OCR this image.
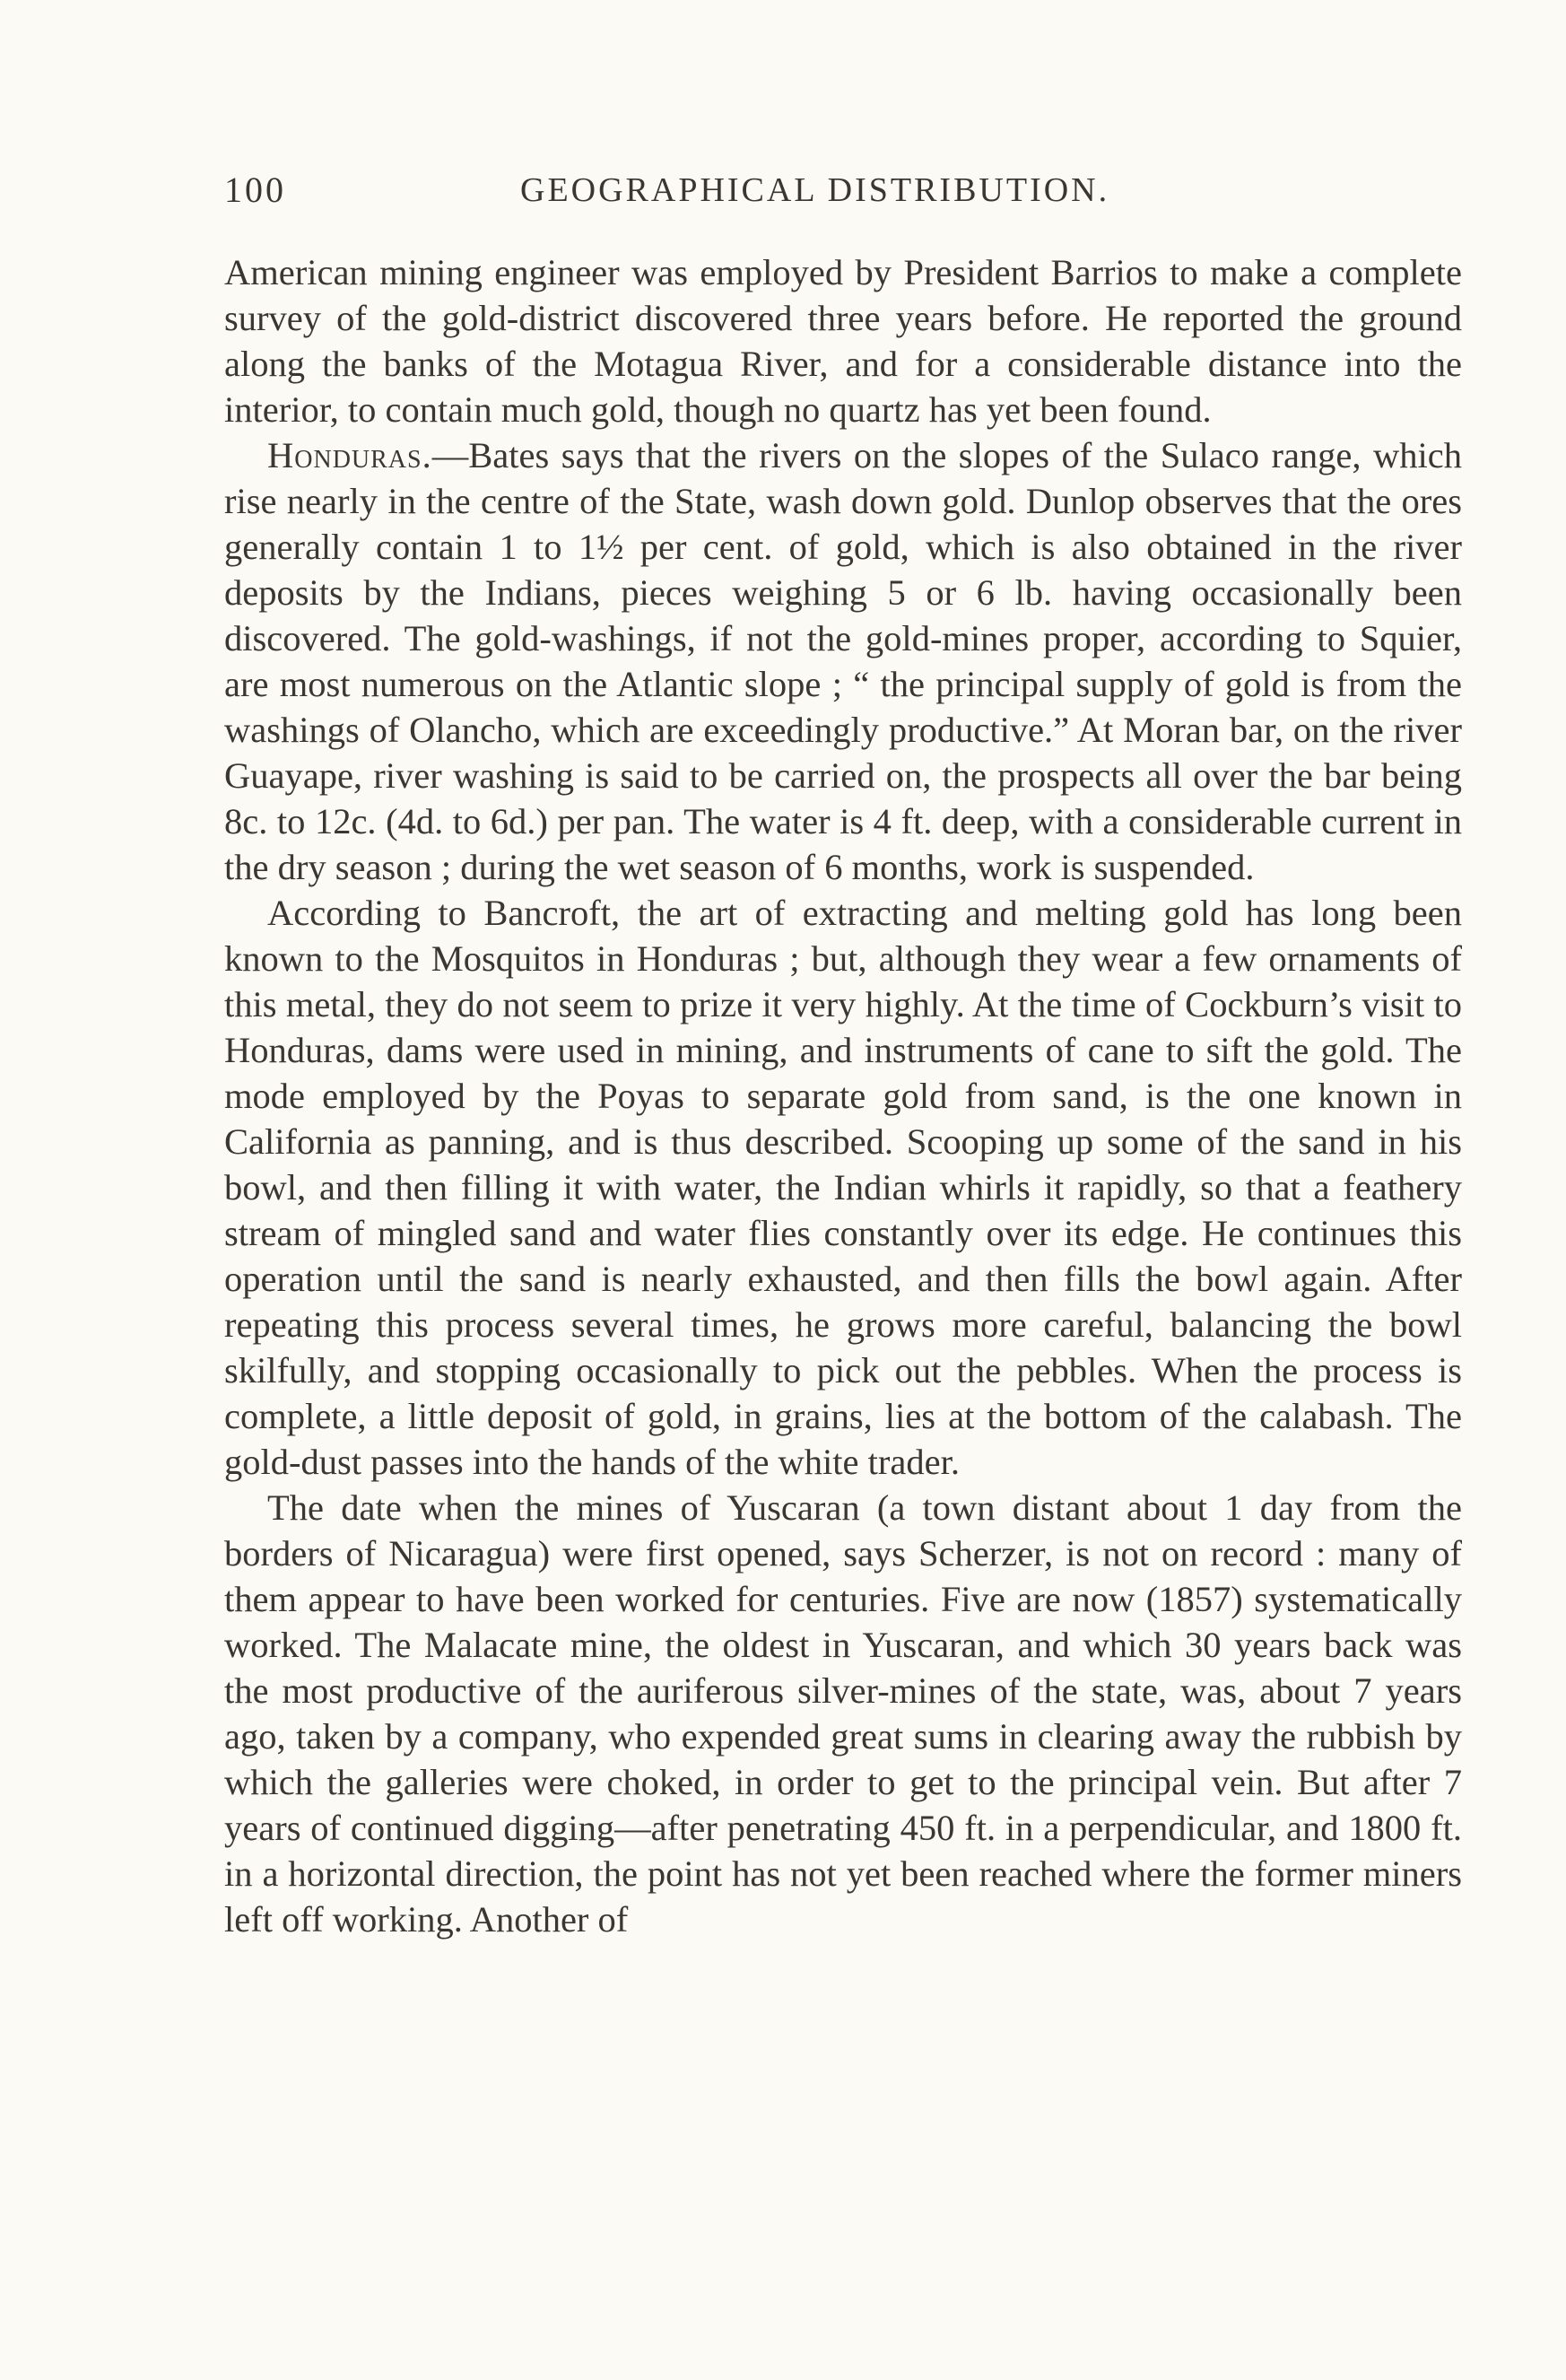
100	GEOGRAPHICAL DISTRIBUTION.

American mining engineer was employed by President Barrios to make a complete survey of the gold-district discovered three years before. He reported the ground along the banks of the Motagua River, and for a considerable distance into the interior, to contain much gold, though no quartz has yet been found.

Honduras.—Bates says that the rivers on the slopes of the Sulaco range, which rise nearly in the centre of the State, wash down gold. Dunlop observes that the ores generally contain 1 to 1½ per cent. of gold, which is also obtained in the river deposits by the Indians, pieces weighing 5 or 6 lb. having occasionally been discovered. The gold-washings, if not the gold-mines proper, according to Squier, are most numerous on the Atlantic slope ; “ the principal supply of gold is from the washings of Olancho, which are exceedingly productive.” At Moran bar, on the river Guayape, river washing is said to be carried on, the prospects all over the bar being 8c. to 12c. (4d. to 6d.) per pan. The water is 4 ft. deep, with a considerable current in the dry season ; during the wet season of 6 months, work is suspended.

According to Bancroft, the art of extracting and melting gold has long been known to the Mosquitos in Honduras ; but, although they wear a few ornaments of this metal, they do not seem to prize it very highly. At the time of Cockburn’s visit to Honduras, dams were used in mining, and instruments of cane to sift the gold. The mode employed by the Poyas to separate gold from sand, is the one known in California as panning, and is thus described. Scooping up some of the sand in his bowl, and then filling it with water, the Indian whirls it rapidly, so that a feathery stream of mingled sand and water flies constantly over its edge. He continues this operation until the sand is nearly exhausted, and then fills the bowl again. After repeating this process several times, he grows more careful, balancing the bowl skilfully, and stopping occasionally to pick out the pebbles. When the process is complete, a little deposit of gold, in grains, lies at the bottom of the calabash. The gold-dust passes into the hands of the white trader.

The date when the mines of Yuscaran (a town distant about 1 day from the borders of Nicaragua) were first opened, says Scherzer, is not on record : many of them appear to have been worked for centuries. Five are now (1857) systematically worked. The Malacate mine, the oldest in Yuscaran, and which 30 years back was the most productive of the auriferous silver-mines of the state, was, about 7 years ago, taken by a company, who expended great sums in clearing away the rubbish by which the galleries were choked, in order to get to the principal vein. But after 7 years of continued digging—after penetrating 450 ft. in a perpendicular, and 1800 ft. in a horizontal direction, the point has not yet been reached where the former miners left off working. Another of
